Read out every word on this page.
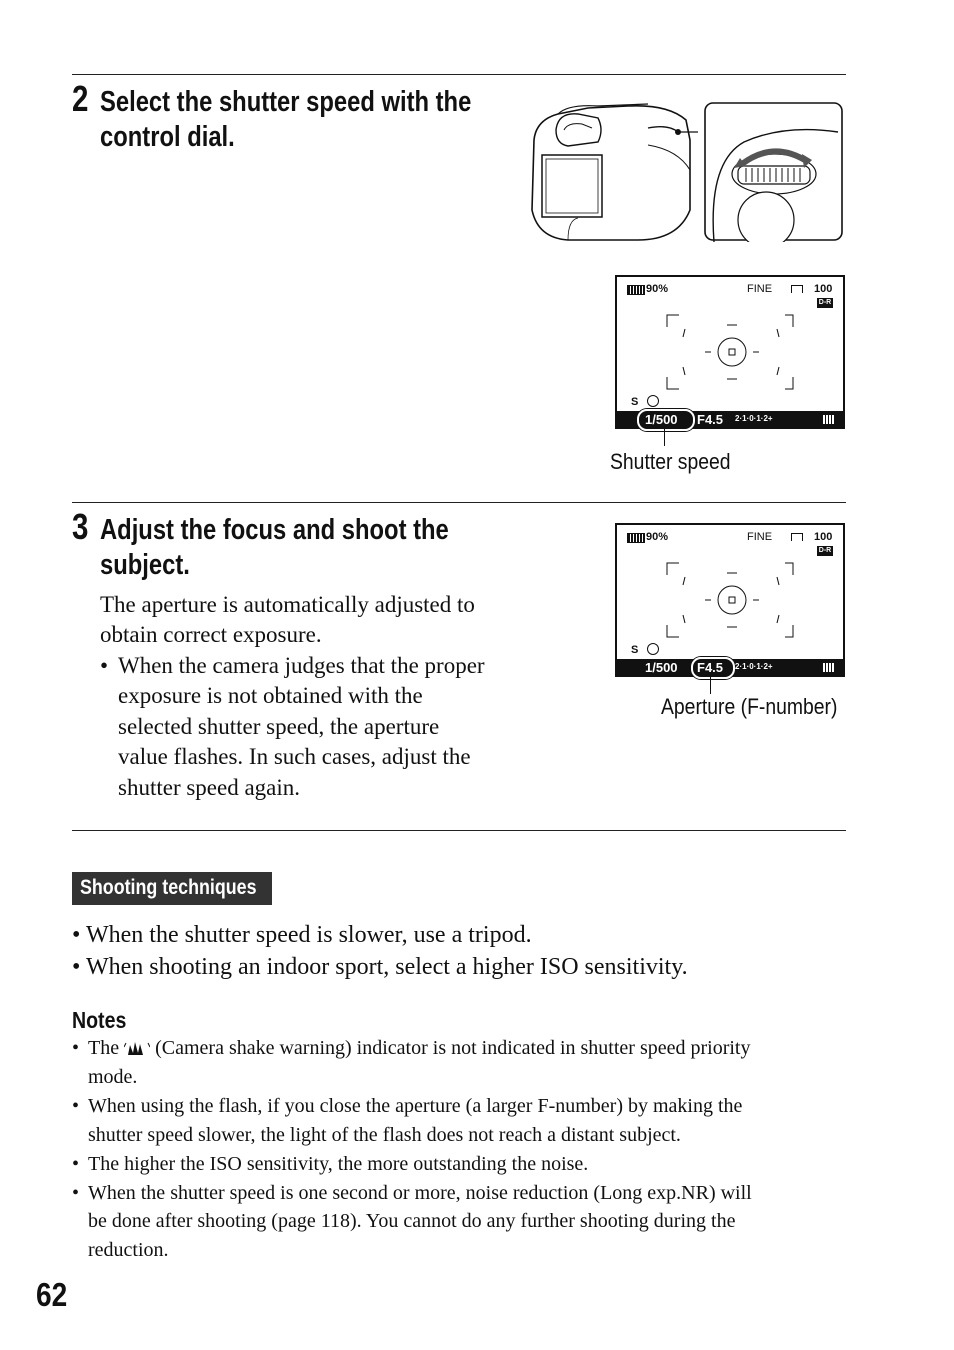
2 Select the shutter speed with the
control dial.
90%	FINE	100
D-R
S
1/500 F4.5 2·1·0·1·2+
Shutter speed
3 Adjust the focus and shoot the
subject.
The aperture is automatically adjusted to
obtain correct exposure.
• When the camera judges that the proper
exposure is not obtained with the
selected shutter speed, the aperture
value flashes. In such cases, adjust the
shutter speed again.
90%	FINE	100
D-R
S
1/500 F4.5 2·1·0·1·2+
Aperture (F-number)
Shooting techniques
• When the shutter speed is slower, use a tripod.
• When shooting an indoor sport, select a higher ISO sensitivity.
Notes
• The (Camera shake warning) indicator is not indicated in shutter speed priority
mode.
• When using the flash, if you close the aperture (a larger F-number) by making the
shutter speed slower, the light of the flash does not reach a distant subject.
• The higher the ISO sensitivity, the more outstanding the noise.
• When the shutter speed is one second or more, noise reduction (Long exp.NR) will
be done after shooting (page 118). You cannot do any further shooting during the
reduction.
62
